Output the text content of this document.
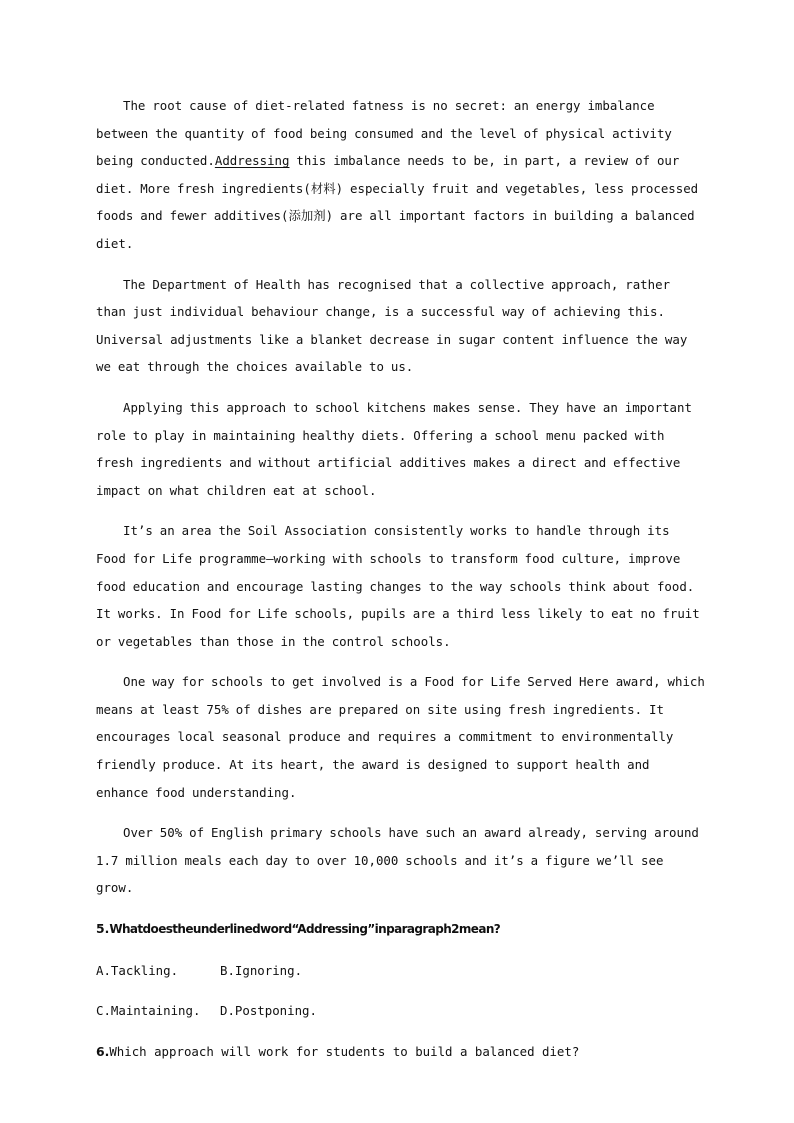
The root cause of diet-related fatness is no secret: an energy imbalance between the quantity of food being consumed and the level of physical activity being conducted.Addressing this imbalance needs to be, in part, a review of our diet. More fresh ingredients(材料) especially fruit and vegetables, less processed foods and fewer additives(添加剂) are all important factors in building a balanced diet.

The Department of Health has recognised that a collective approach, rather than just individual behaviour change, is a successful way of achieving this. Universal adjustments like a blanket decrease in sugar content influence the way we eat through the choices available to us.

Applying this approach to school kitchens makes sense. They have an important role to play in maintaining healthy diets. Offering a school menu packed with fresh ingredients and without artificial additives makes a direct and effective impact on what children eat at school.

It’s an area the Soil Association consistently works to handle through its Food for Life programme—working with schools to transform food culture, improve food education and encourage lasting changes to the way schools think about food. It works. In Food for Life schools, pupils are a third less likely to eat no fruit or vegetables than those in the control schools.

One way for schools to get involved is a Food for Life Served Here award, which means at least 75% of dishes are prepared on site using fresh ingredients. It encourages local seasonal produce and requires a commitment to environmentally friendly produce. At its heart, the award is designed to support health and enhance food understanding.

Over 50% of English primary schools have such an award already, serving around 1.7 million meals each day to over 10,000 schools and it’s a figure we’ll see grow.

5.Whatdoestheunderlinedword“Addressing”inparagraph2mean?

A.Tackling.	B.Ignoring.
C.Maintaining. D.Postponing.

6.Which approach will work for students to build a balanced diet?
